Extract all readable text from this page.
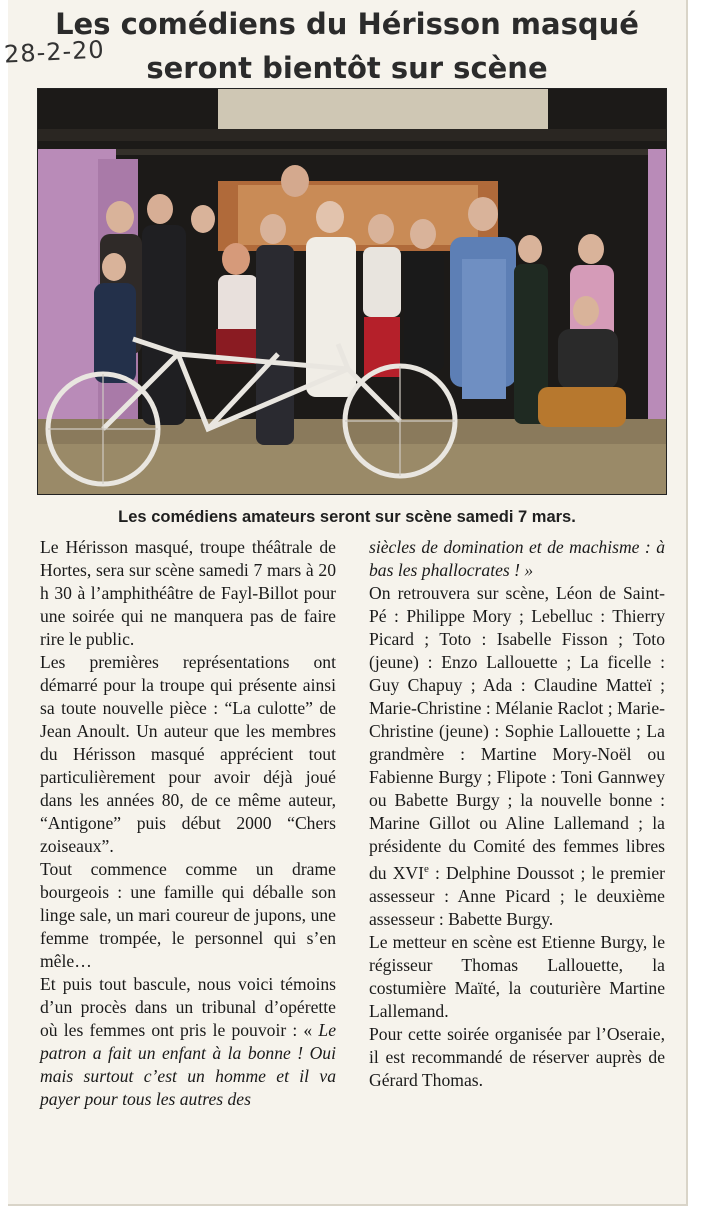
Les comédiens du Hérisson masqué
seront bientôt sur scène
28-2-20
Les comédiens amateurs seront sur scène samedi 7 mars.

Le Hérisson masqué, troupe théâtrale de Hortes, sera sur scène samedi 7 mars à 20 h 30 à l’amphithéâtre de Fayl-Billot pour une soirée qui ne manquera pas de faire rire le public.

Les premières représentations ont démarré pour la troupe qui présente ainsi sa toute nouvelle pièce : “La culotte” de Jean Anoult. Un auteur que les membres du Hérisson masqué apprécient tout particulièrement pour avoir déjà joué dans les années 80, de ce même auteur, “Antigone” puis début 2000 “Chers zoiseaux”.

Tout commence comme un drame bourgeois : une famille qui déballe son linge sale, un mari coureur de jupons, une femme trompée, le personnel qui s’en mêle…

Et puis tout bascule, nous voici témoins d’un procès dans un tribunal d’opérette où les femmes ont pris le pouvoir : « Le patron a fait un enfant à la bonne ! Oui mais surtout c’est un homme et il va payer pour tous les autres des

siècles de domination et de machisme : à bas les phallocrates ! »

On retrouvera sur scène, Léon de Saint-Pé : Philippe Mory ; Lebelluc : Thierry Picard ; Toto : Isabelle Fisson ; Toto (jeune) : Enzo Lallouette ; La ficelle : Guy Chapuy ; Ada : Claudine Matteï ; Marie-Christine : Mélanie Raclot ; Marie-Christine (jeune) : Sophie Lallouette ; La grandmère : Martine Mory-Noël ou Fabienne Burgy ; Flipote : Toni Gannwey ou Babette Burgy ; la nouvelle bonne : Marine Gillot ou Aline Lallemand ; la présidente du Comité des femmes libres du XVIe : Delphine Doussot ; le premier assesseur : Anne Picard ; le deuxième assesseur : Babette Burgy.

Le metteur en scène est Etienne Burgy, le régisseur Thomas Lallouette, la costumière Maïté, la couturière Martine Lallemand.

Pour cette soirée organisée par l’Oseraie, il est recommandé de réserver auprès de Gérard Thomas.
